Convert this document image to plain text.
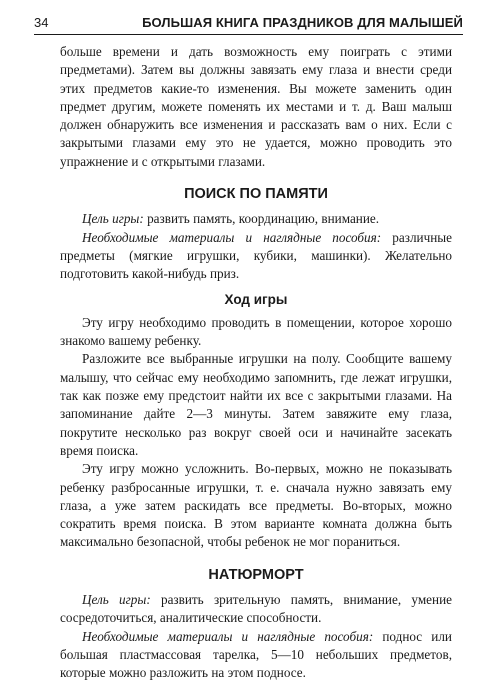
34	БОЛЬШАЯ КНИГА ПРАЗДНИКОВ ДЛЯ МАЛЫШЕЙ

больше времени и дать возможность ему поиграть с этими предметами). Затем вы должны завязать ему глаза и внести среди этих предметов какие-то изменения. Вы можете заменить один предмет другим, можете поменять их местами и т. д. Ваш малыш должен обнаружить все изменения и рассказать вам о них. Если с закрытыми глазами ему это не удается, можно проводить это упражнение и с открытыми глазами.

ПОИСК ПО ПАМЯТИ

Цель игры: развить память, координацию, внимание.

Необходимые материалы и наглядные пособия: различные предметы (мягкие игрушки, кубики, машинки). Желательно подготовить какой-нибудь приз.

Ход игры

Эту игру необходимо проводить в помещении, которое хорошо знакомо вашему ребенку.

Разложите все выбранные игрушки на полу. Сообщите вашему малышу, что сейчас ему необходимо запомнить, где лежат игрушки, так как позже ему предстоит найти их все с закрытыми глазами. На запоминание дайте 2—3 минуты. Затем завяжите ему глаза, покрутите несколько раз вокруг своей оси и начинайте засекать время поиска.

Эту игру можно усложнить. Во-первых, можно не показывать ребенку разбросанные игрушки, т. е. сначала нужно завязать ему глаза, а уже затем раскидать все предметы. Во-вторых, можно сократить время поиска. В этом варианте комната должна быть максимально безопасной, чтобы ребенок не мог пораниться.

НАТЮРМОРТ

Цель игры: развить зрительную память, внимание, умение сосредоточиться, аналитические способности.

Необходимые материалы и наглядные пособия: поднос или большая пластмассовая тарелка, 5—10 небольших предметов, которые можно разложить на этом подносе.
